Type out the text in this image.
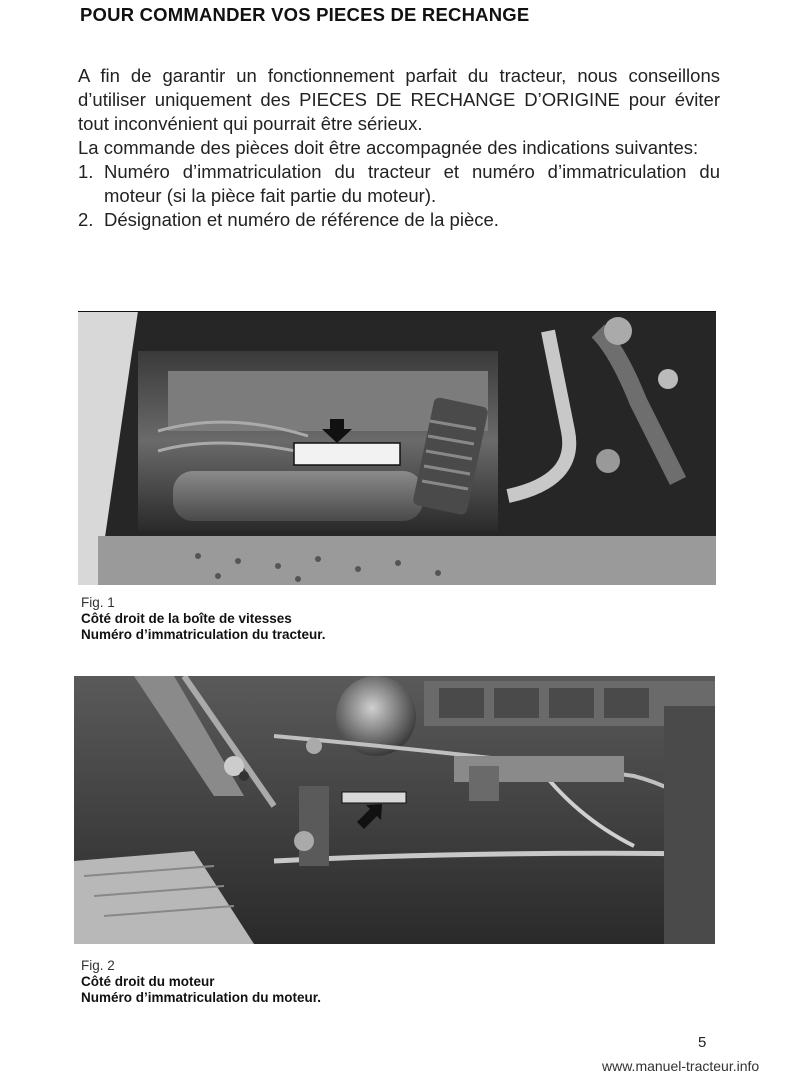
POUR COMMANDER VOS PIECES DE RECHANGE

A fin de garantir un fonctionnement parfait du tracteur, nous conseillons d’utiliser uniquement des PIECES DE RECHANGE D’ORIGINE pour éviter tout inconvénient qui pourrait être sérieux.

La commande des pièces doit être accompagnée des indications suivantes:

1. Numéro d’immatriculation du tracteur et numéro d’immatriculation du moteur (si la pièce fait partie du moteur).
2. Désignation et numéro de référence de la pièce.
Fig. 1
Côté droit de la boîte de vitesses
Numéro d’immatriculation du tracteur.
Fig. 2
Côté droit du moteur
Numéro d’immatriculation du moteur.
5
www.manuel-tracteur.info
